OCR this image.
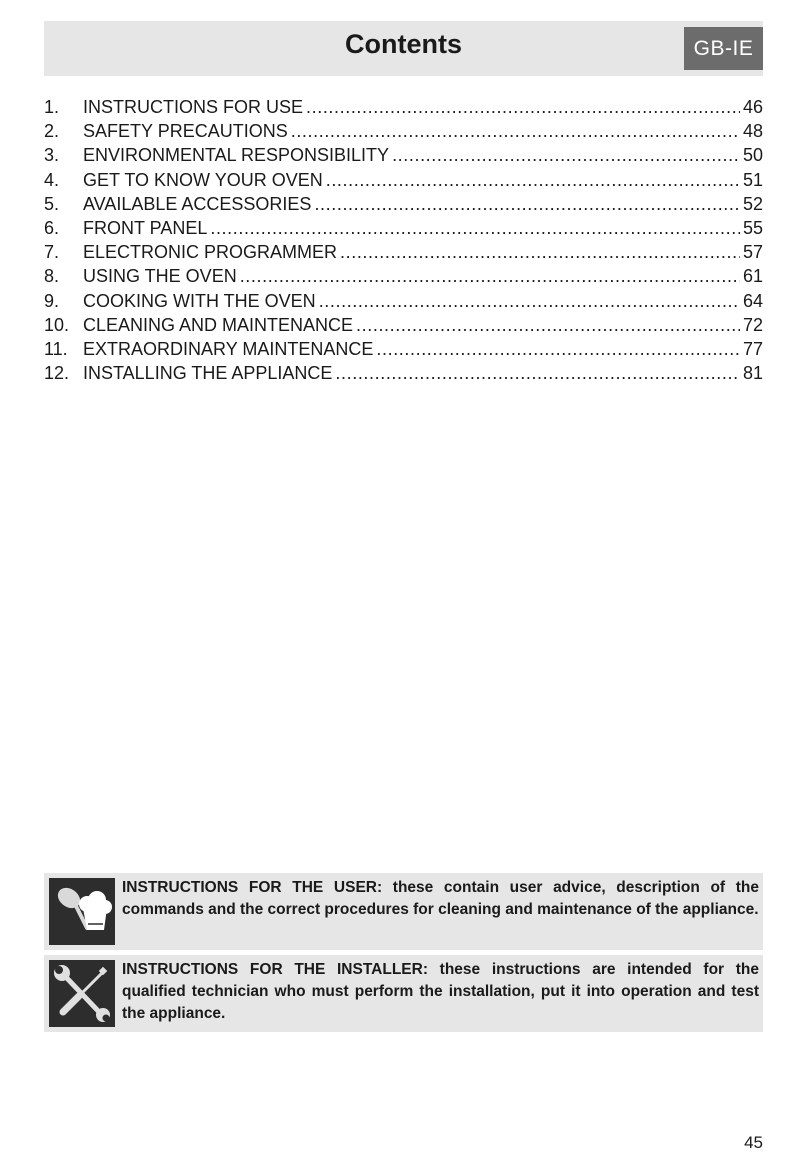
Contents	GB-IE
1.	INSTRUCTIONS FOR USE .....	46
2.	SAFETY PRECAUTIONS .....	48
3.	ENVIRONMENTAL RESPONSIBILITY .....	50
4.	GET TO KNOW YOUR OVEN .....	51
5.	AVAILABLE ACCESSORIES .....	52
6.	FRONT PANEL .....	55
7.	ELECTRONIC PROGRAMMER .....	57
8.	USING THE OVEN .....	61
9.	COOKING WITH THE OVEN .....	64
10. CLEANING AND MAINTENANCE .....	72
11. EXTRAORDINARY MAINTENANCE .....	77
12. INSTALLING THE APPLIANCE .....	81
INSTRUCTIONS FOR THE USER: these contain user advice, description of the commands and the correct procedures for cleaning and maintenance of the appliance.
INSTRUCTIONS FOR THE INSTALLER: these instructions are intended for the qualified technician who must perform the installation, put it into operation and test the appliance.
45
